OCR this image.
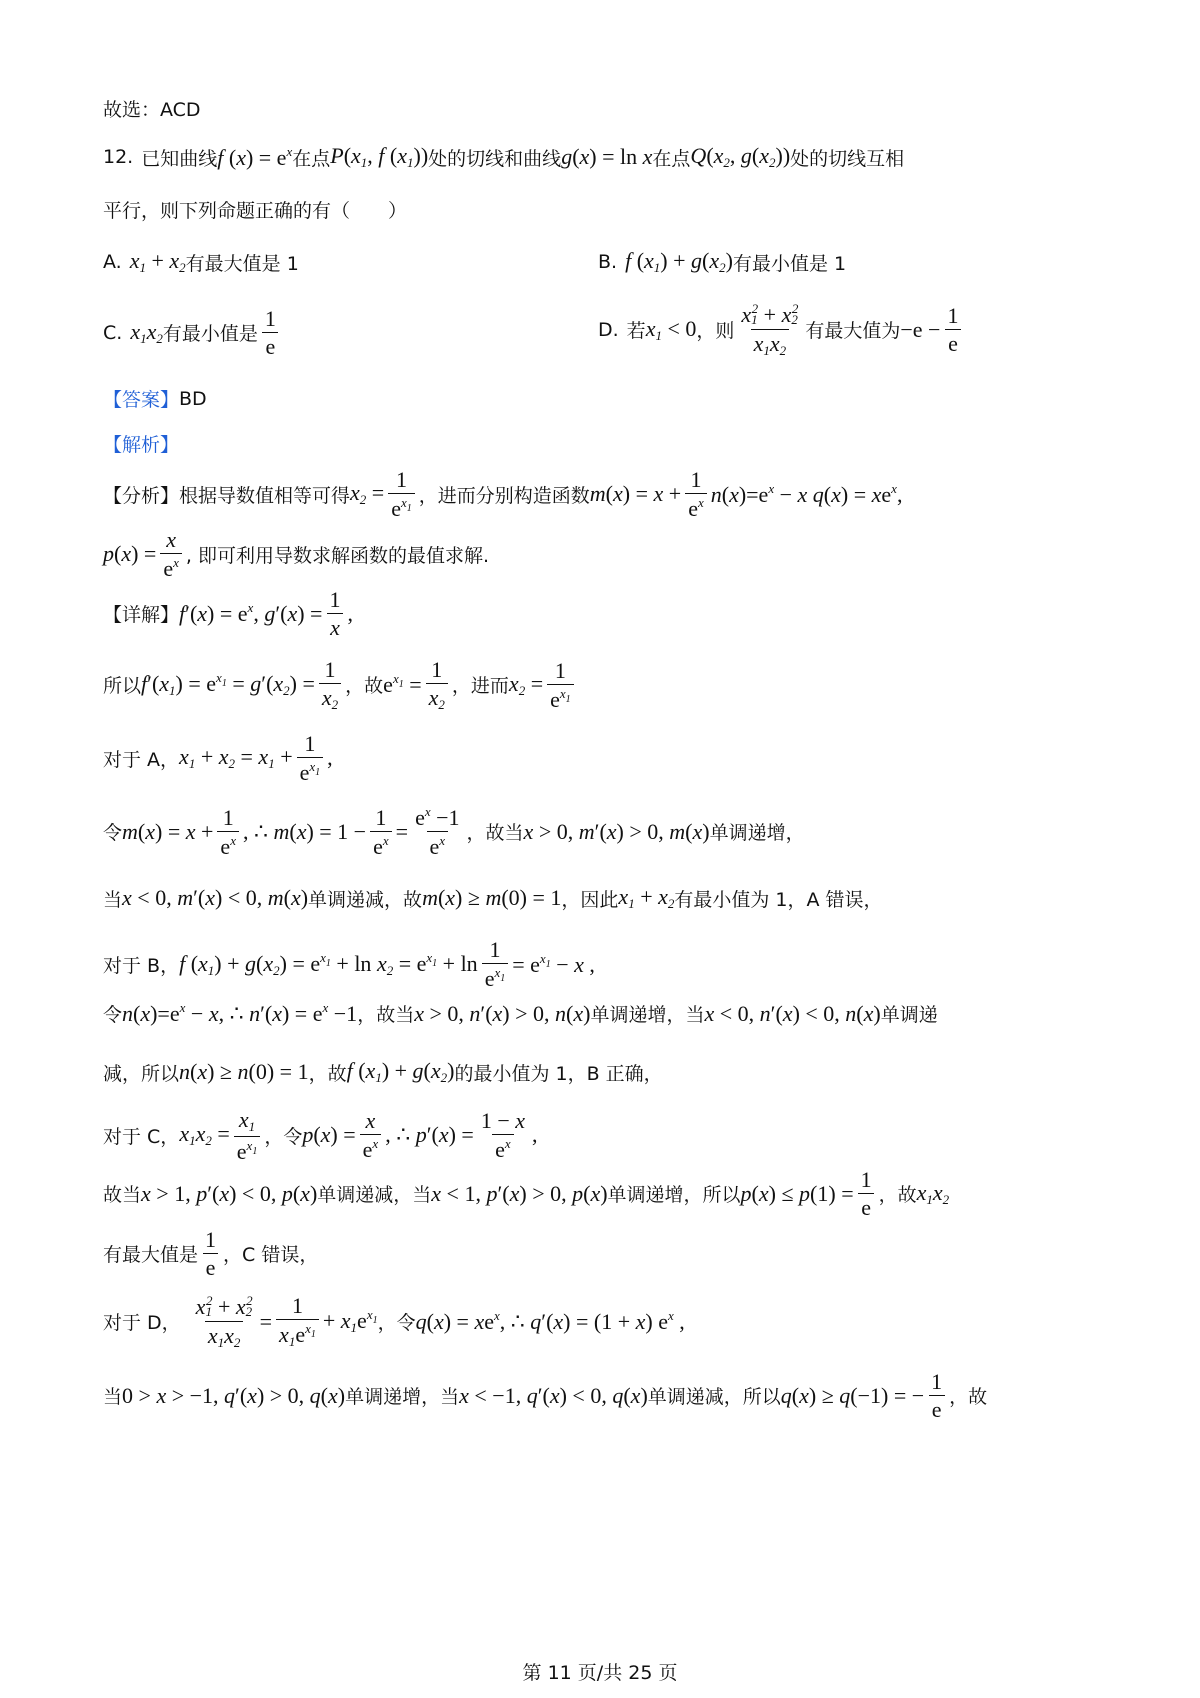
故选：ACD
12. 已知曲线 f $(x) = e^x$ 在点 $P(x_1$, f $(x_1)$) 处的切线和曲线 g(x) = ln x 在点 $Q(x_2$, $g(x_2)$) 处的切线互相
平行，则下列命题正确的有（　　）
A. $x_1 + x_2$ 有最大值是 1	B. f $(x_1) + g(x_2)$ 有最小值是 1
C. $x_1x_2$ 有最小值是 $\frac{1}{e}$	D. 若 $x_1 < 0$ ，则 $\frac{x_1^2 + x_2^2}{x_1x_2}$ 有最大值为 $-e - \frac{1}{e}$
【答案】 BD
【解析】
【分析】 根据导数值相等可得 $x_2 = \frac{1}{e^{x_1}}$ ，进而分别构造函数 $m(x) = x + \frac{1}{e^x} n(x)=e^x - x$ $q(x) = xe^x$,
$p(x) = \frac{x}{e^x}$ , 即可利用导数求解函数的最值求解.
【详解】 $f'(x) = e^x$, $g'(x) = \frac{1}{x}$ ,
所以 $f'(x_1) = e^{x_1} = g'(x_2) = \frac{1}{x_2}$ ，故 $e^{x_1} = \frac{1}{x_2}$ ，进而 $x_2 = \frac{1}{e^{x_1}}$
对于 A， $x_1 + x_2 = x_1 + \frac{1}{e^{x_1}}$ ,
令 $m(x) = x + \frac{1}{e^x}$ , ∴ $m(x) = 1 - \frac{1}{e^x} = \frac{e^x -1}{e^x}$ ，故当 x > 0, m′(x) > 0, m(x) 单调递增，
当 x < 0, m′(x) < 0, m(x) 单调递减，故 m(x) ≥ m(0) = 1 ，因此 $x_1 + x_2$ 有最小值为 1，A 错误，
对于 B， f $(x_1) + g(x_2) = e^{x_1} + \ln x_2 = e^{x_1} + \ln \frac{1}{e^{x_1}} = e^{x_1} - x$ ,
令 $n(x)=e^x - x$, ∴ $n'(x) = e^x -1$ ，故当 x > 0, n′(x) > 0, n(x) 单调递增，当 x < 0, n′(x) < 0, n(x) 单调递
减，所以 n(x) ≥ n(0) = 1 ，故 f $(x_1) + g(x_2)$ 的最小值为 1，B 正确，
对于 C， $x_1x_2 = \frac{x_1}{e^{x_1}}$ ，令 $p(x) = \frac{x}{e^x}$ , ∴ $p'(x) = \frac{1 - x}{e^x}$ ,
故当 x > 1, p′(x) < 0, p(x) 单调递减，当 x < 1, p′(x) > 0, p(x) 单调递增，所以 $p(x) \le p(1) = \frac{1}{e}$ ，故 $x_1x_2$
有最大值是 $\frac{1}{e}$ ，C 错误，
对于 D， $\frac{x_1^2 + x_2^2}{x_1x_2} = \frac{1}{x_1e^{x_1}} + x_1e^{x_1}$ ，令 $q(x) = xe^x$, ∴ q′(x) = (1 + x) $e^x$ ,
当 0 > x > −1, q′(x) > 0, q(x) 单调递增，当 x < −1, q′(x) < 0, q(x) 单调递减，所以 q(x) ≥ q(−1) = − $\frac{1}{e}$ ，故
第 11 页/共 25 页
